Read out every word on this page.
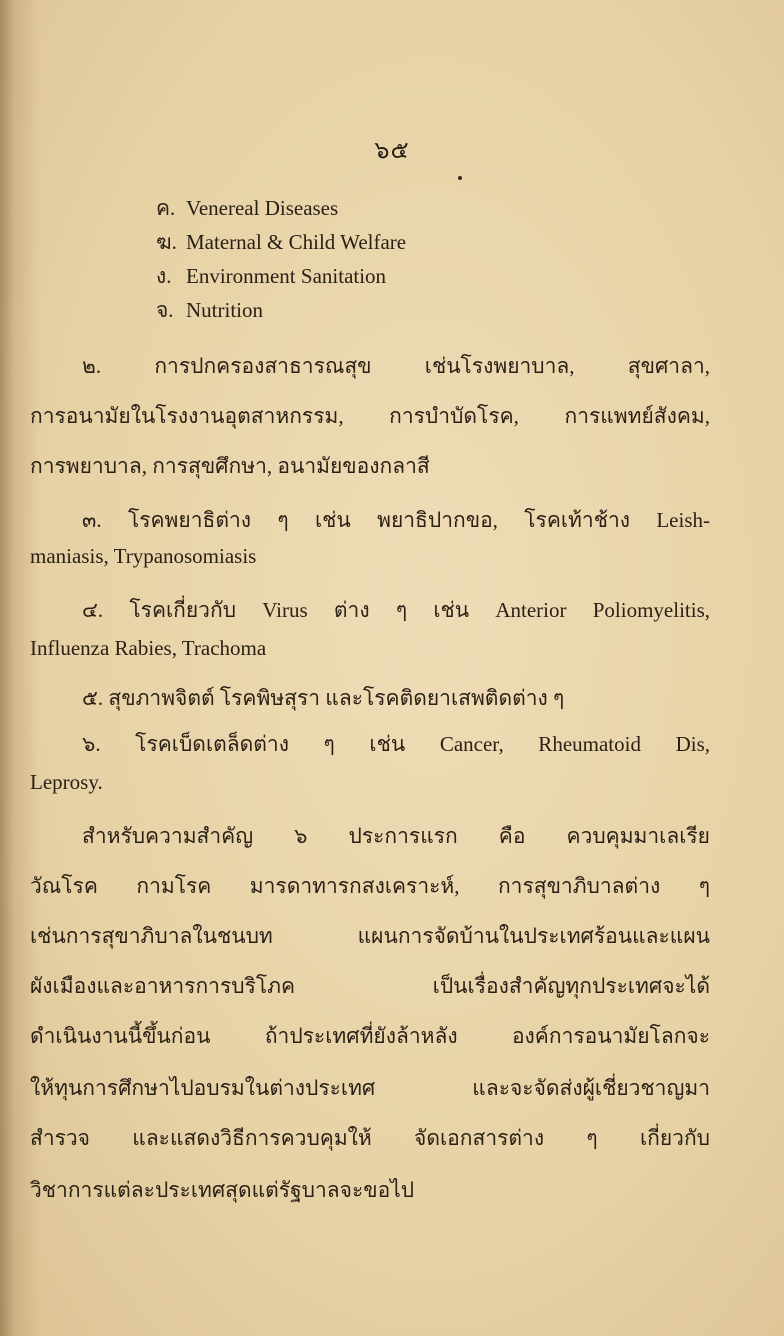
๖๕
ค. Venereal Diseases
ฆ. Maternal & Child Welfare
ง. Environment Sanitation
จ. Nutrition
๒. การปกครองสาธารณสุข เช่นโรงพยาบาล, สุขศาลา,
การอนามัยในโรงงานอุตสาหกรรม, การบำบัดโรค, การแพทย์สังคม,
การพยาบาล, การสุขศึกษา, อนามัยของกลาสี
๓. โรคพยาธิต่าง ๆ เช่น พยาธิปากขอ, โรคเท้าช้าง Leish-
maniasis, Trypanosomiasis
๔. โรคเกี่ยวกับ Virus ต่าง ๆ เช่น Anterior Poliomyelitis,
Influenza Rabies, Trachoma
๕. สุขภาพจิตต์ โรคพิษสุรา และโรคติดยาเสพติดต่าง ๆ
๖. โรคเบ็ดเตล็ดต่าง ๆ เช่น Cancer, Rheumatoid Dis,
Leprosy.
สำหรับความสำคัญ ๖ ประการแรก คือ ควบคุมมาเลเรีย
วัณโรค กามโรค มารดาทารกสงเคราะห์, การสุขาภิบาลต่าง ๆ
เช่นการสุขาภิบาลในชนบท แผนการจัดบ้านในประเทศร้อนและแผน
ผังเมืองและอาหารการบริโภค เป็นเรื่องสำคัญทุกประเทศจะได้
ดำเนินงานนี้ขึ้นก่อน ถ้าประเทศที่ยังล้าหลัง องค์การอนามัยโลกจะ
ให้ทุนการศึกษาไปอบรมในต่างประเทศ และจะจัดส่งผู้เชี่ยวชาญมา
สำรวจ และแสดงวิธีการควบคุมให้ จัดเอกสารต่าง ๆ เกี่ยวกับ
วิชาการแต่ละประเทศสุดแต่รัฐบาลจะขอไป
